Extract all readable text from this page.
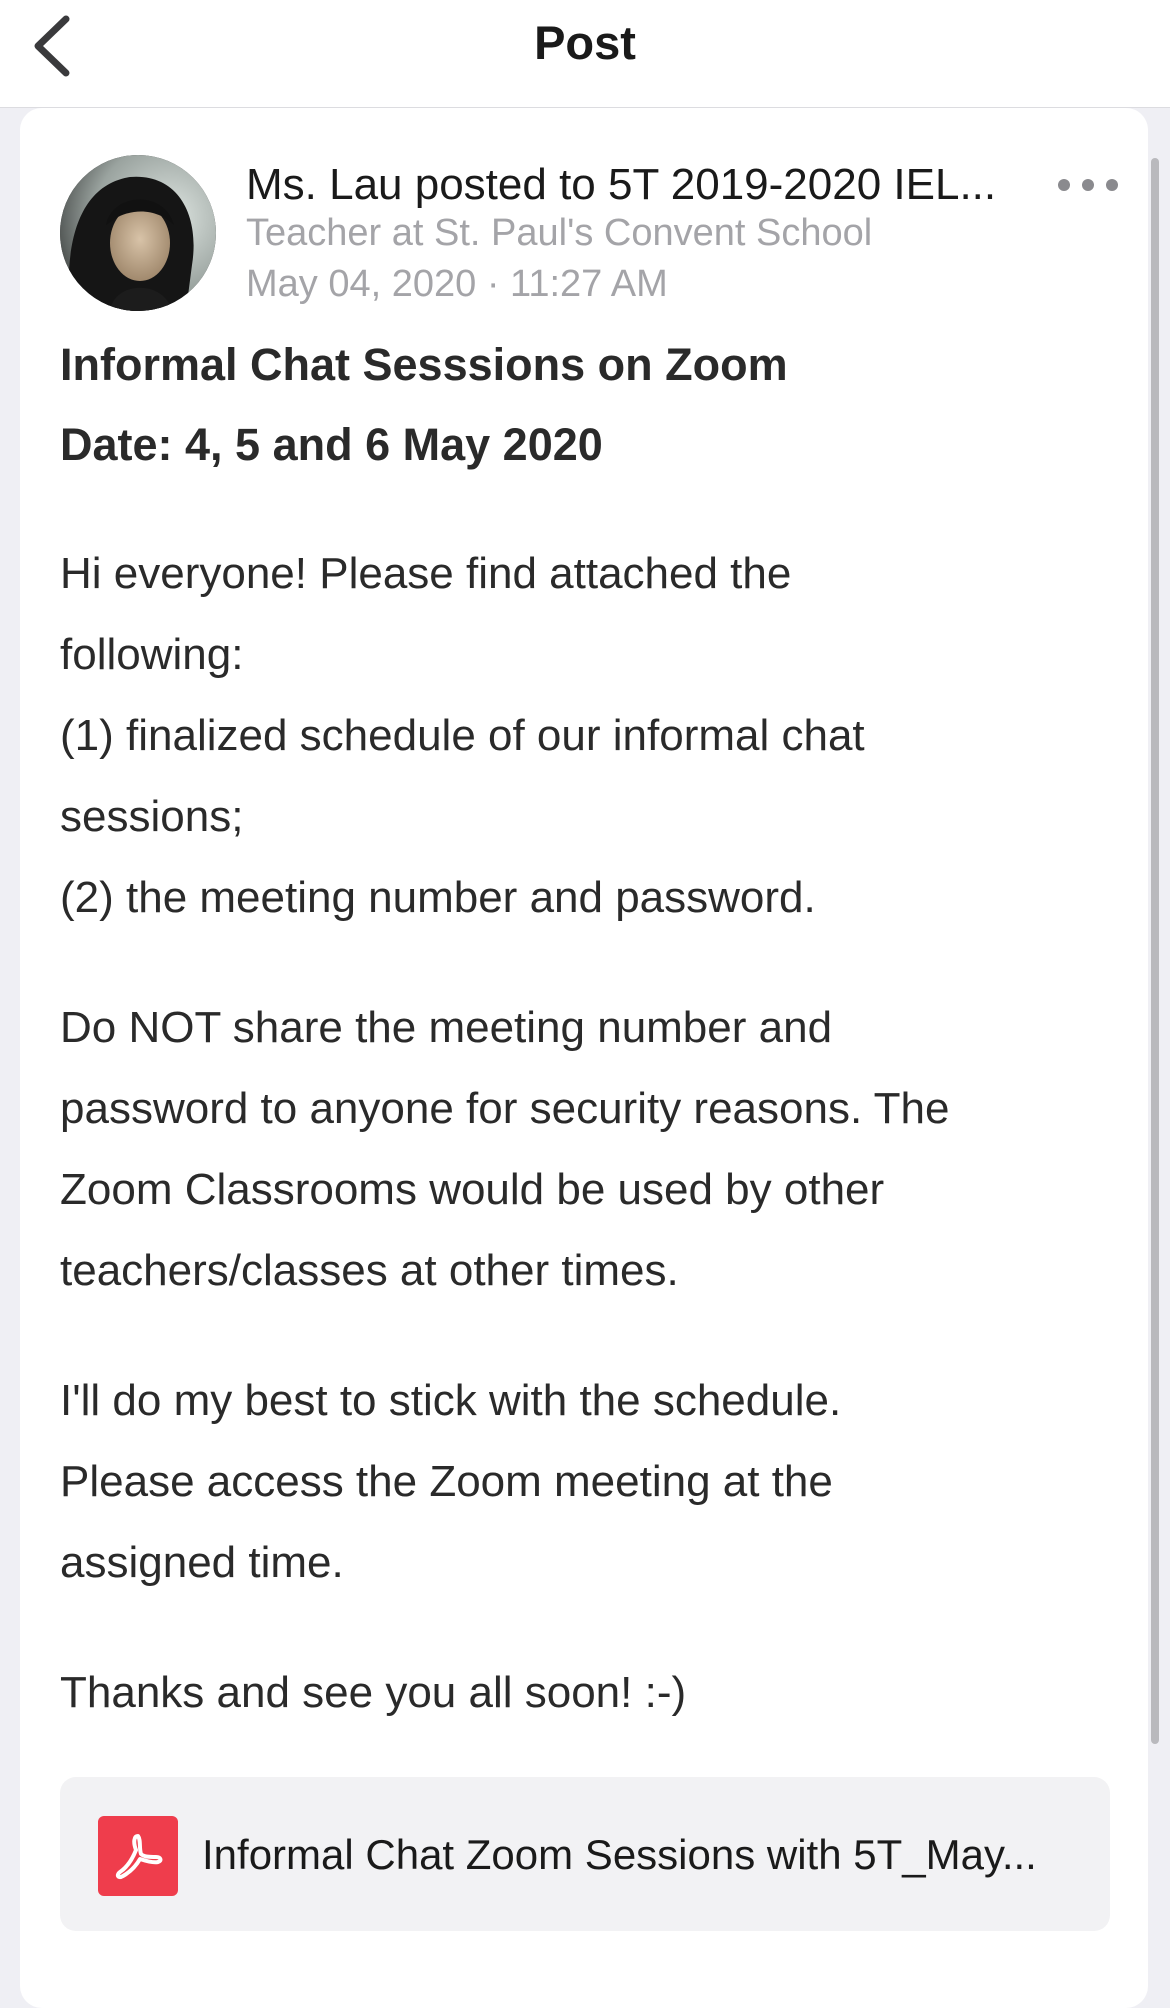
Post
Ms. Lau posted to 5T 2019-2020 IEL...
Teacher at St. Paul's Convent School
May 04, 2020 · 11:27 AM
Informal Chat Sesssions on Zoom
Date: 4, 5 and 6 May 2020
Hi everyone! Please find attached the
following:
(1) finalized schedule of our informal chat
sessions;
(2) the meeting number and password.
Do NOT share the meeting number and
password to anyone for security reasons. The
Zoom Classrooms would be used by other
teachers/classes at other times.
I'll do my best to stick with the schedule.
Please access the Zoom meeting at the
assigned time.
Thanks and see you all soon! :-)
Informal Chat Zoom Sessions with 5T_May...
